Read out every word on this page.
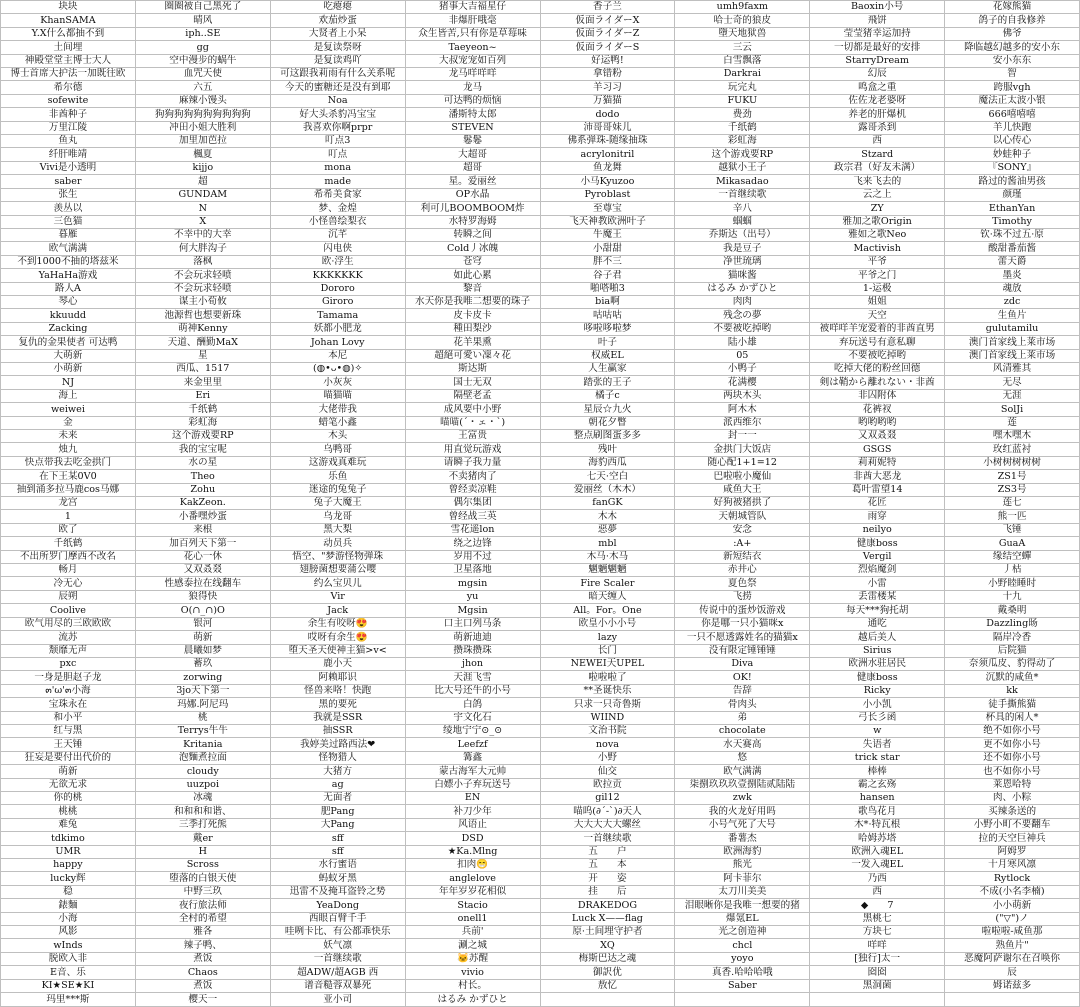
块块	圈圈被自己黑死了	吃瘪瘪	猪事大吉福星仔	香子兰	umh9faxm	Baoxin小号	花嫁熊猫
KhanSAMA	晴风	欢茄炒蛋	非爆肝哦毫	仮面ライダーX	哈士奇的狼皮	飛饼	鸽子的自我修养
Y.X什么都抽不到	iph..SE	大贤者上小呆	众生皆苦,只有你是草莓味	仮面ライダーZ	墮天地狱兽	莹莹猪幸运加持	佛爷
土间埋	gg	是复读祭呀	Taeyeon~	仮面ライダーS	三云	一切都是最好的安排	降临越幻越多的安小东
神殿堂堂主博士大人	空中漫步的蜗牛	是复读鸡吖	大叔宠宠如百列	好运鸭!	白雪飘落	StarryDream	安小东东
博士首席大护法一加既往欧	血咒天使	可这跟我莉雨有什么关系呢	龙马咩咩咩	拿错粉	Darkrai	幻辰	智
希尔德	六五	今天的蜜糖还是没有到耶	龙马	羊习习	玩完丸	鸣盒之重	跨服vgh
sofewite	麻辣小馒头	Noa	可达鸭的烦恼	万猫猫	FUKU	佐佐龙老婆呀	魔法正太波小银
非酋种子	狗狗狗狗狗狗狗狗狗狗	好大头杀豹冯宝宝	潘斯特太郎	dodo	费劲	养老的肝爆机	666嘻嘻嘻
万里江陵	冲田小姐大胜利	我喜欢你啊prpr	STEVEN	沛哥哥妹儿	千纸鹤	露哥杀到	羊儿快跑
鱼丸	加里加芭拉	叮点3	鬈鬈	佛系弹珠-随缘抽珠	彩虹海	西	以心传心
纤肝唯靖	楓夏	叮点	大超哥	acrylonitril	这个游戏要RP	Stzard	妙蛙种子
Vivi是小透明	kijjo	mona	超哥	鱼龙舞	越狱小王子	政宗君（好友未满）	『SONY』
saber	超	made	星。爱丽丝	小马Kyuzoo	Mikasadao	飞来飞去的	路过的酱油男孩
张生	GUNDAM	希希美食家	OP水晶	Pyroblast	一首继续歌	云之上	颜瑾
羡丛以	N	梦、金煌	利可儿BOOMBOOM炸	至尊宝	辛八	ZY	EthanYan
三色猫	X	小怪兽绘梨衣	水特罗海姆	飞天神教欧洲叶子	蝈蝈	雅加之歌Origin	Timothy
暮雁	不幸中的大幸	沉芊	转瞬之间	牛魔王	乔斯达（出号）	雅如之歌Neo	钦·珠不过五·原
欧气满满	何大胖沟子	闪电侠	Cold丿冰魄	小甜甜	我是豆子	Mactivish	酸甜番茄酱
不到1000不抽的塔兹米	落枫	欧·浮生	苍穹	胖不三	净世琉璃	平爷	蕾天爵
YaHaHa游戏	不会玩求轻喷	KKKKKKK	如此心累	谷子君	猫咪酱	平爷之门	墨炎
路人A	不会玩求轻喷	Dororo	黎音	啪嗒啪3	はるみ かずひと	1-运极	魂放
琴心	谋主小荀攸	Giroro	水天你是我唯二想要的珠子	bia啊	肉肉	姐姐	zdc
kkuudd	池源哲也想要新珠	Tamama	皮卡皮卡	咕咕咕	残念の夢	天空	生鱼片
Zacking	萌神Kenny	妖都小肥龙	種田梨沙	哆啦哆啦梦	不要被吃掉哟	被咩咩羊宠爱着的非酋直男	gulutamilu
复仇的金果使者 可达鸭	天道、酬勤MaX	Johan Lovy	花羊果熏	叶子	陆小雄	弃玩送号有意私聊	澳门首家线上莱市场
大萌新	星	本尼	超絕可愛い凜々花	权威EL	05	不要被吃掉哟	澳门首家线上莱市场
小萌新	西瓜、1517	(◍•ᴗ•◍)✧	斯达斯	人生赢家	小鸭子	吃掉大佬的粉丝回德	风清雅其
NJ	来金里里	小灰灰	国士无双	踏张的王子	花满樱	剣は鞘から離れない・非酋	无尽
海上	Eri	喵猫喵	隔壁老孟	橘子c	两块木头	非囚附体	无涯
weiwei	千纸鹤	大佬带我	成风要中小野	星辰☆九火	阿木木	花裤衩	SolJi
金	彩虹海	蜡笔小鑫	喵喵(´・ェ・`)	朝花夕瞥	派西维尔	哟哟哟哟	莲
未来	这个游戏要RP	木头	王富贵	整点刷图蛋多多	封一一	又双叒叕	嘿木嘿木
烛九	我的宝宝呢	乌鸭哥	用直觉玩游戏	残叶	金拱门大饭店	GSGS	玫红蓝衬
快点带我去吃金拱门	水の星	这游戏真难玩	请瞬子我力量	海豹西瓜	随心配1+1=12	莉莉妮特	小树树树树树
在下王某0V0	Theo	乐鱼	不卖猪肉了	七天·空白	巴啦啦小魔仙	非酋大恶龙	ZS1号
抽到涌多拉马鹿cos马娜	Zohu	迷途的兔兔子	曾经卖凉鞋	爱丽丝（木木）	咸鱼大王	葛叶雷望14	ZS3号
龙宫	KakZeon.	兔子大魔王	偶尔集团	fanGK	好狗被猪拱了	花匠	莲七
1	小番嘿炒蛋	乌龙哥	曾经战三英	木木	天朝城管队	雨穿	熊一匹
欧了	来根	黑大梨	雪花遥lon	惡夢	安念	neilyo	飞锤
千纸鹤	加百列天下第一	动员兵	绕之边锋	mbl	:A+	健康boss	GuaA
不出所罗门摩西不改名	花心一休	悟空、"梦游怪物弹珠	岁用不过	木马·木马	新短结衣	Vergil	缘结空蟬
畅月	又双叒叕	翅膀菌想要蒲公嘤	卫星落地	魍魉魍魉	赤井心	烈焰魔剑	丿枯
冷无心	性感泰拉在线翻车	约么宝贝儿	mgsin	Fire Scaler	夏色祭	小雷	小野睦睡时
辰朔	狼得快	Vir	yu	暗天缠人	飞捞	丢雷楼某	十九
Coolive	O(∩_∩)O	Jack	Mgsin	All。For。One	传说中的蛋炒饭游戏	每天***狗托胡	戴桑明
欧气用尽的三欧欧欧	银河	余生有咬呀😍	口主口列马条	欧皇小小小号	你是哪一只小猫咪x	通吃	Dazzling旸
流苏	萌新	哎呀有余生😍	萌新迪迪	lazy	一只不愿透露姓名的猫猫x	越后美人	隔岸冷香
颓靡无声	晨曦如梦	堕天圣天使神主猫>v<	攒珠攒珠	长门	没有限定锤锤锤	Sirius	后院猫
pxc	蓄玖	鹿小天	jhon	NEWEI天UPEL	Diva	欧洲水驻居民	奈须瓜皮、豹得动了
一身是胆赵子龙	zorwing	阿赖耶识	天涯飞雪	啦啦啦了	OK!	健康boss	沉默的咸鱼*
๓'ω'๓小海	3jo天下第一	怪兽来咯！快跑	比大号还牛的小号	**圣诞快乐	告辞	Ricky	kk
宝珠永在	玛娜.阿尼玛	黑的要死	白鸽	只求一只奇鲁斯	骨肉头	小小凯	徒手撕熊猫
和小平	桃	我就是SSR	宇文化石	WIIND	弟	弓长彡函	杯具的闲人*
红与黑	Terrys牛牛	抽SSR	绫地宁宁⊙_⊙	文治书院	chocolate	w	绝不如你小号
王天锤	Kritania	我婷美过路西法❤	Leefzf	nova	水天赛高	失语者	更不如你小号
狂妄是要付出代价的	泡麵煮拉面	怪物猎人	篝鑫	小野	悠	trick star	还不如你小号
萌新	cloudy	大猪方	蒙古海军大元帅	仙交	欧气满满	棒棒	也不如你小号
无欲无求	uuzpoi	ag	白嫖小子弃玩送号	欧拉贡	柒捌玖玖玖壹捌陆贰陆陆	霸之玄殇	莱恩哈特
你的桃	冰魂	无面者	EN	gil12	zwk	hansen	肉、小粽
桃桃	和和和和谐、	肥Pang	补刀少年	喵呜(∂´-`)∂天人	我的火龙好用吗	歌鸟花月	买辣条送的
难兔	三季打死熊	大Pang	风语止	大大大大大螺丝	小号气死了大号	木*·特瓦根	小野小町不要翻车
tdkimo	戴er	sff	DSD	一首继续歌	番薯杰	哈姆苏塔	拉的天空巨神兵
UMR	H	sff	★Ka.Mlng	五　　户	欧洲海豹	欧洲入魂EL	阿姆罗
happy	Scross	水行蜜语	扣肉😁	五　　本	熊光	一发入魂EL	十月寒风凛
lucky辉	堕落的白银天使	蚂蚁牙黑	anglelove	开　　姿	阿卡菲尔	乃西	Rytlock
稳	中野三玖	迅雷不及掩耳盗铃之势	年年岁岁花相似	挂　　后	太刀川美美	西	不成(小名李楠)
錶麵	夜行旅法师	YeaDong	Stacio	DRAKEDOG	泪眼晰你是我唯一想要的猪	◆　　7	小小萌新
小海	全村的希望	西眼百臂千手	onell1	Luck X——flag	爆氪EL	黑桃七	("▽")ノ
风影	雅各	哇咧卡比、有公都乖快乐	兵前'	原·土间埋守护者	光之创造神	方块七	啦啦啦-咸鱼那
wInds	辣子鸭、	妖气凛	涮之城	XQ	chcl	咩咩	熟鱼片"
脱欧入非	煮饭	一首继续歌	🐱苏醒	梅斯巴达之魂	yoyo	[独行]太一	恶魔阿萨谢尔在召唤你
E音、乐	Chaos	超ADW/超AGB 西	vivio	御訳优	真香.哈哈哈哦	囵囵	辰
KI★SE★KI	煮饭	谱音糙蓉双暴死	村长。	敖忆	Saber	黑洞菌	姆诺兹多
玛里***斯	樱天一	亚小司	はるみ かずひと				
